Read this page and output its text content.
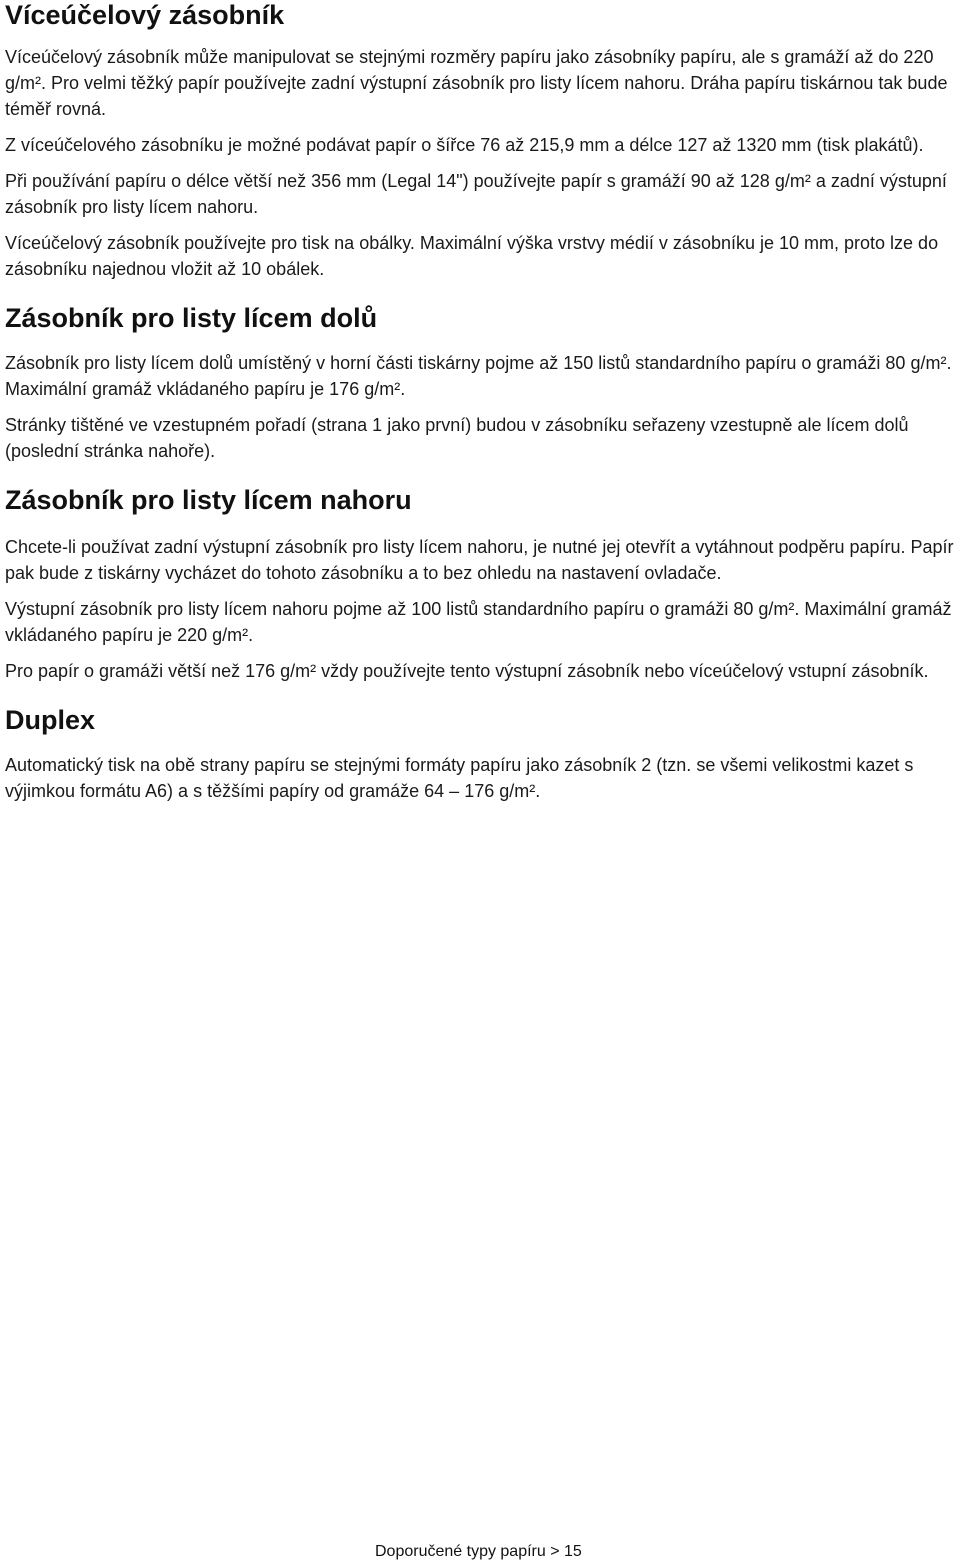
Víceúčelový zásobník

Víceúčelový zásobník může manipulovat se stejnými rozměry papíru jako zásobníky papíru, ale s gramáží až do 220 g/m². Pro velmi těžký papír používejte zadní výstupní zásobník pro listy lícem nahoru. Dráha papíru tiskárnou tak bude téměř rovná.

Z víceúčelového zásobníku je možné podávat papír o šířce 76 až 215,9 mm a délce 127 až 1320 mm (tisk plakátů).

Při používání papíru o délce větší než 356 mm (Legal 14") používejte papír s gramáží 90 až 128 g/m² a zadní výstupní zásobník pro listy lícem nahoru.

Víceúčelový zásobník používejte pro tisk na obálky. Maximální výška vrstvy médií v zásobníku je 10 mm, proto lze do zásobníku najednou vložit až 10 obálek.

Zásobník pro listy lícem dolů

Zásobník pro listy lícem dolů umístěný v horní části tiskárny pojme až 150 listů standardního papíru o gramáži 80 g/m². Maximální gramáž vkládaného papíru je 176 g/m².

Stránky tištěné ve vzestupném pořadí (strana 1 jako první) budou v zásobníku seřazeny vzestupně ale lícem dolů (poslední stránka nahoře).

Zásobník pro listy lícem nahoru

Chcete-li používat zadní výstupní zásobník pro listy lícem nahoru, je nutné jej otevřít a vytáhnout podpěru papíru. Papír pak bude z tiskárny vycházet do tohoto zásobníku a to bez ohledu na nastavení ovladače.

Výstupní zásobník pro listy lícem nahoru pojme až 100 listů standardního papíru o gramáži 80 g/m². Maximální gramáž vkládaného papíru je 220 g/m².

Pro papír o gramáži větší než 176 g/m² vždy používejte tento výstupní zásobník nebo víceúčelový vstupní zásobník.

Duplex

Automatický tisk na obě strany papíru se stejnými formáty papíru jako zásobník 2 (tzn. se všemi velikostmi kazet s výjimkou formátu A6) a s těžšími papíry od gramáže 64 – 176 g/m².

Doporučené typy papíru > 15
